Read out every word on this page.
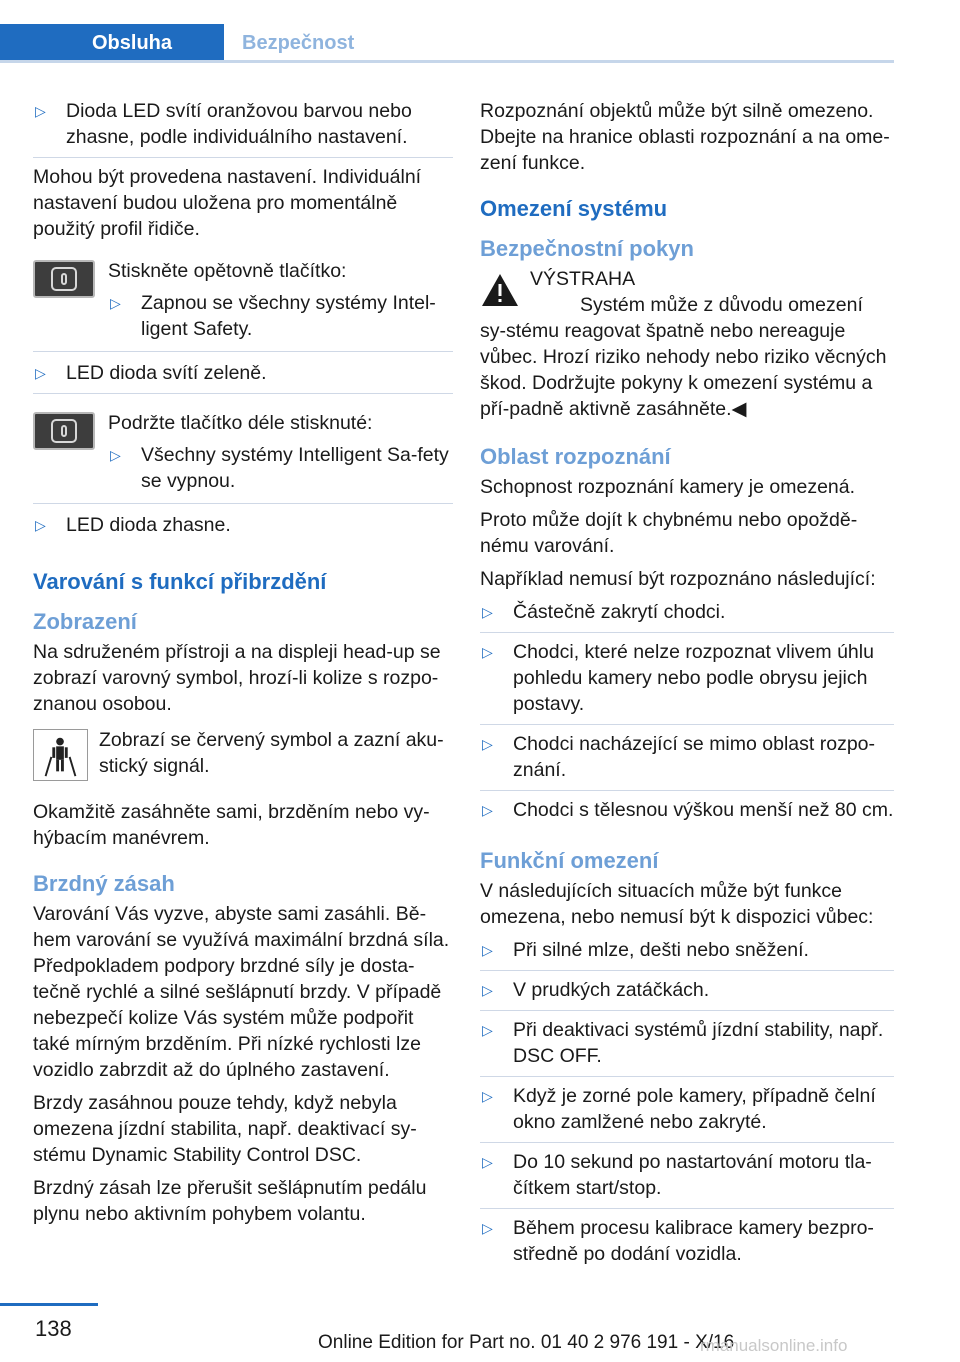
Obsluha	Bezpečnost
▷ Dioda LED svítí oranžovou barvou nebo zhasne, podle individuálního nastavení.

Mohou být provedena nastavení. Individuální nastavení budou uložena pro momentálně použitý profil řidiče.

Stiskněte opětovně tlačítko:
▷ Zapnou se všechny systémy Intel‐ligent Safety.
▷ LED dioda svítí zeleně.
Podržte tlačítko déle stisknuté:
▷ Všechny systémy Intelligent Sa‐fety se vypnou.
▷ LED dioda zhasne.
Varování s funkcí přibrzdění
Zobrazení

Na sdruženém přístroji a na displeji head-up se zobrazí varovný symbol, hrozí-li kolize s rozpo‐znanou osobou.

Zobrazí se červený symbol a zazní aku‐stický signál.

Okamžitě zasáhněte sami, brzděním nebo vy‐hýbacím manévrem.

Brzdný zásah

Varování Vás vyzve, abyste sami zasáhli. Bě‐hem varování se využívá maximální brzdná síla. Předpokladem podpory brzdné síly je dosta‐tečně rychlé a silné sešlápnutí brzdy. V případě nebezpečí kolize Vás systém může podpořit také mírným brzděním. Při nízké rychlosti lze vozidlo zabrzdit až do úplného zastavení.

Brzdy zasáhnou pouze tehdy, když nebyla omezena jízdní stabilita, např. deaktivací sy‐stému Dynamic Stability Control DSC.

Brzdný zásah lze přerušit sešlápnutím pedálu plynu nebo aktivním pohybem volantu.

Rozpoznání objektů může být silně omezeno. Dbejte na hranice oblasti rozpoznání a na ome‐zení funkce.

Omezení systému
Bezpečnostní pokyn
VÝSTRAHA
Systém může z důvodu omezení sy‐stému reagovat špatně nebo nereaguje vůbec. Hrozí riziko nehody nebo riziko věcných škod. Dodržujte pokyny k omezení systému a pří‐padně aktivně zasáhněte.◀
Oblast rozpoznání

Schopnost rozpoznání kamery je omezená.

Proto může dojít k chybnému nebo opoždě‐nému varování.

Například nemusí být rozpoznáno následující:

▷ Částečně zakrytí chodci.
▷ Chodci, které nelze rozpoznat vlivem úhlu pohledu kamery nebo podle obrysu jejich postavy.
▷ Chodci nacházející se mimo oblast rozpo‐znání.
▷ Chodci s tělesnou výškou menší než 80 cm.
Funkční omezení

V následujících situacích může být funkce omezena, nebo nemusí být k dispozici vůbec:

▷ Při silné mlze, dešti nebo sněžení.
▷ V prudkých zatáčkách.
▷ Při deaktivaci systémů jízdní stability, např. DSC OFF.
▷ Když je zorné pole kamery, případně čelní okno zamlžené nebo zakryté.
▷ Do 10 sekund po nastartování motoru tla‐čítkem start/stop.
▷ Během procesu kalibrace kamery bezpro‐středně po dodání vozidla.
138
Online Edition for Part no. 01 40 2 976 191 - X/16
rmanualsonline.info
